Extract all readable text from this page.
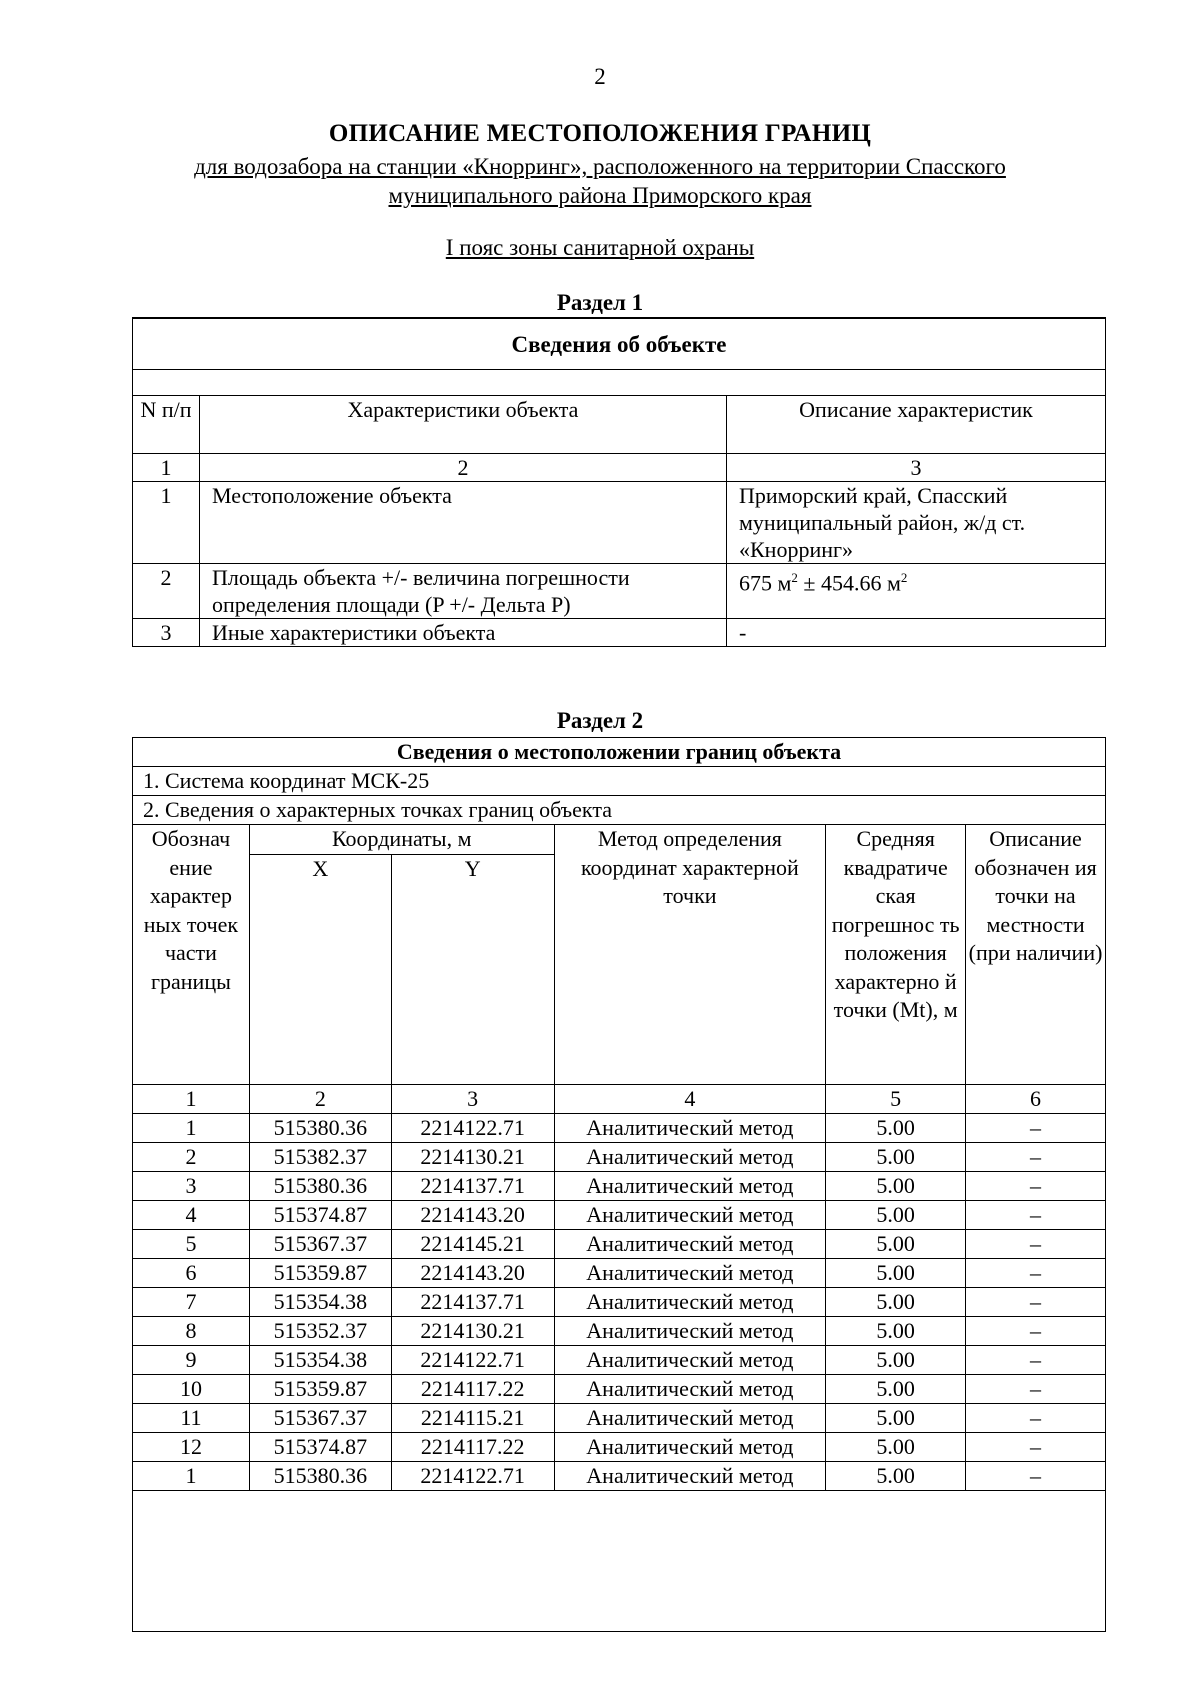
2
ОПИСАНИЕ МЕСТОПОЛОЖЕНИЯ ГРАНИЦ
для водозабора на станции «Кнорринг», расположенного на территории Спасского
муниципального района Приморского края
I пояс зоны санитарной охраны
Раздел 1
Сведения об объекте		

N п/п	Характеристики объекта	Описание характеристик
1	2	3
1	Местоположение объекта	Приморский край, Спасский муниципальный район, ж/д ст. «Кнорринг»
2	Площадь объекта +/- величина погрешности определения площади (P +/- Дельта P)	675 $м^2 \pm 454.66$ $м^2$
3	Иные характеристики объекта	-
Раздел 2
Сведения о местоположении границ объекта					
1. Система координат МСК-25					
2. Сведения о характерных точках границ объекта					
Обознач ение характер ных точек части границы	Координаты, м		Метод определения координат характерной точки	Средняя квадратиче ская погрешнос ть положения характерно й точки (Mt), м	Описание обозначен ия точки на местности (при наличии)
	X	Y			
1	2	3	4	5	6
1	515380.36	2214122.71	Аналитический метод	5.00	–
2	515382.37	2214130.21	Аналитический метод	5.00	–
3	515380.36	2214137.71	Аналитический метод	5.00	–
4	515374.87	2214143.20	Аналитический метод	5.00	–
5	515367.37	2214145.21	Аналитический метод	5.00	–
6	515359.87	2214143.20	Аналитический метод	5.00	–
7	515354.38	2214137.71	Аналитический метод	5.00	–
8	515352.37	2214130.21	Аналитический метод	5.00	–
9	515354.38	2214122.71	Аналитический метод	5.00	–
10	515359.87	2214117.22	Аналитический метод	5.00	–
11	515367.37	2214115.21	Аналитический метод	5.00	–
12	515374.87	2214117.22	Аналитический метод	5.00	–
1	515380.36	2214122.71	Аналитический метод	5.00	–
